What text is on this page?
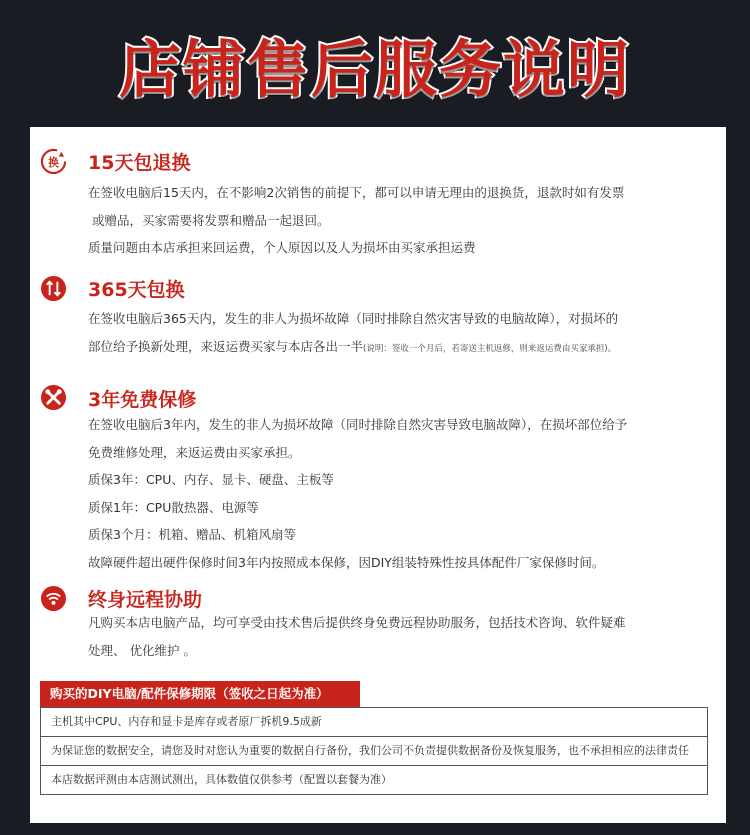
店铺售后服务说明
换 15天包退换

在签收电脑后15天内，在不影响2次销售的前提下，都可以申请无理由的退换货，退款时如有发票

或赠品，买家需要将发票和赠品一起退回。

质量问题由本店承担来回运费，个人原因以及人为损坏由买家承担运费

365天包换

在签收电脑后365天内，发生的非人为损坏故障（同时排除自然灾害导致的电脑故障），对损坏的

部位给予换新处理，来返运费买家与本店各出一半(说明：签收一个月后，若寄送主机返修，则来返运费由买家承担)。

3年免费保修

在签收电脑后3年内，发生的非人为损坏故障（同时排除自然灾害导致电脑故障），在损坏部位给予

免费维修处理，来返运费由买家承担。

质保3年：CPU、内存、显卡、硬盘、主板等

质保1年：CPU散热器、电源等

质保3个月：机箱、赠品、机箱风扇等

故障硬件超出硬件保修时间3年内按照成本保修，因DIY组装特殊性按具体配件厂家保修时间。

终身远程协助

凡购买本店电脑产品，均可享受由技术售后提供终身免费远程协助服务，包括技术咨询、软件疑难

处理、 优化维护 。

购买的DIY电脑/配件保修期限（签收之日起为准）
主机其中CPU、内存和显卡是库存或者原厂拆机9.5成新
为保证您的数据安全，请您及时对您认为重要的数据自行备份，我们公司不负责提供数据备份及恢复服务，也不承担相应的法律责任
本店数据评测由本店测试测出，具体数值仅供参考（配置以套餐为准）
